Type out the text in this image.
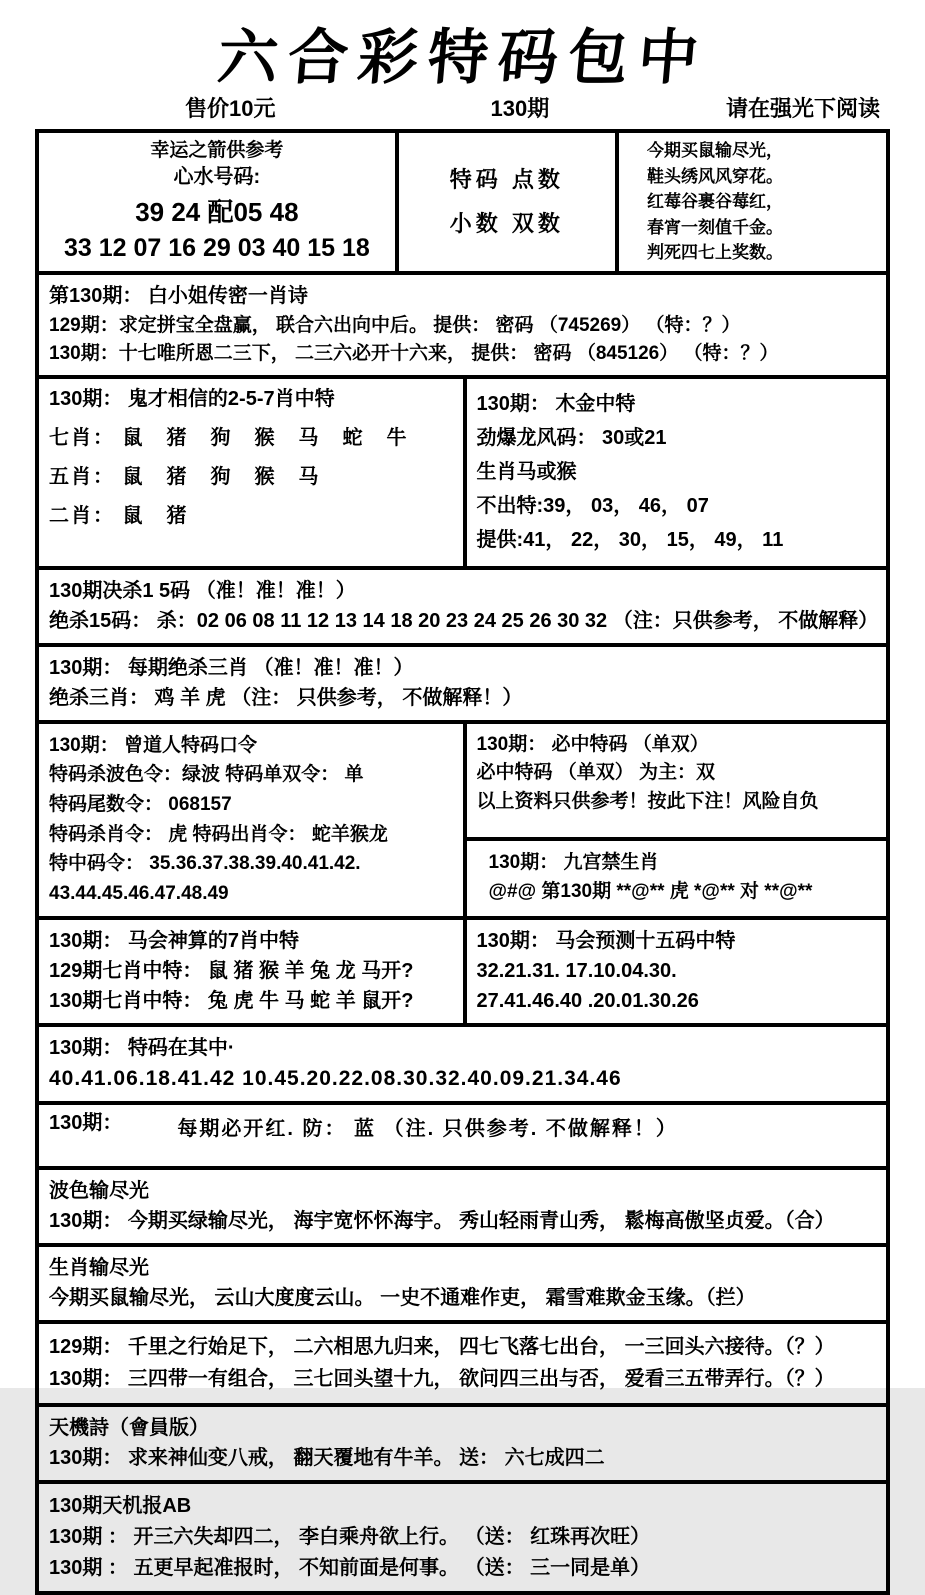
六合彩特码包中
售价10元	130期	请在强光下阅读
幸运之箭供参考
心水号码:
39 24 配05 48
33 12 07 16 29 03 40 15 18
特码 点数
小数 双数
今期买鼠输尽光，
鞋头绣风风穿花。
红莓谷裹谷莓红，
春宵一刻值千金。
判死四七上奖数。
第130期： 白小姐传密一肖诗
129期：求定拼宝全盘赢， 联合六出向中后。 提供： 密码 （745269） （特：？）
130期：十七唯所恩二三下， 二三六必开十六来， 提供： 密码 （845126） （特：？）
130期： 鬼才相信的2-5-7肖中特
七肖： 鼠　猪　狗　猴　马　蛇　牛
五肖： 鼠　猪　狗　猴　马
二肖： 鼠　猪
130期： 木金中特
劲爆龙风码： 30或21
生肖马或猴
不出特:39， 03， 46， 07
提供:41， 22， 30， 15， 49， 11
130期决杀1 5码 （准！准！准！）
绝杀15码： 杀：02 06 08 11 12 13 14 18 20 23 24 25 26 30 32 （注：只供参考， 不做解释）
130期： 每期绝杀三肖 （准！准！准！）
绝杀三肖： 鸡 羊 虎 （注： 只供参考， 不做解释！）
130期： 曾道人特码口令
特码杀波色令：绿波 特码单双令： 单
特码尾数令： 068157
特码杀肖令： 虎 特码出肖令： 蛇羊猴龙
特中码令： 35.36.37.38.39.40.41.42.
43.44.45.46.47.48.49
130期： 必中特码 （单双）
必中特码 （单双） 为主：双
以上资料只供参考！按此下注！风险自负
130期： 九宫禁生肖
@#@ 第130期 **@** 虎 *@** 对 **@**
130期： 马会神算的7肖中特
129期七肖中特： 鼠 猪 猴 羊 兔 龙 马开?
130期七肖中特： 兔 虎 牛 马 蛇 羊 鼠开?
130期： 马会预测十五码中特
32.21.31. 17.10.04.30.
27.41.46.40 .20.01.30.26
130期： 特码在其中·
40.41.06.18.41.42 10.45.20.22.08.30.32.40.09.21.34.46
130期：	每期必开红. 防： 蓝 （注. 只供参考. 不做解释！）
波色输尽光
130期： 今期买绿输尽光， 海宇宽怀怀海宇。 秀山轻雨青山秀， 鬆梅高傲坚贞爱。（合）
生肖输尽光
今期买鼠输尽光， 云山大度度云山。 一史不通难作吏， 霜雪难欺金玉缘。（拦）
129期： 千里之行始足下， 二六相思九归来， 四七飞落七出台， 一三回头六接待。（？）
130期： 三四带一有组合， 三七回头望十九， 欲问四三出与否， 爱看三五带弄行。（？）
天機詩（會員版）
130期： 求来神仙变八戒， 翻天覆地有牛羊。 送： 六七成四二
130期天机报AB
130期 ： 开三六失却四二， 李白乘舟欲上行。 （送： 红珠再次旺）
130期 ： 五更早起准报时， 不知前面是何事。 （送： 三一同是单）
